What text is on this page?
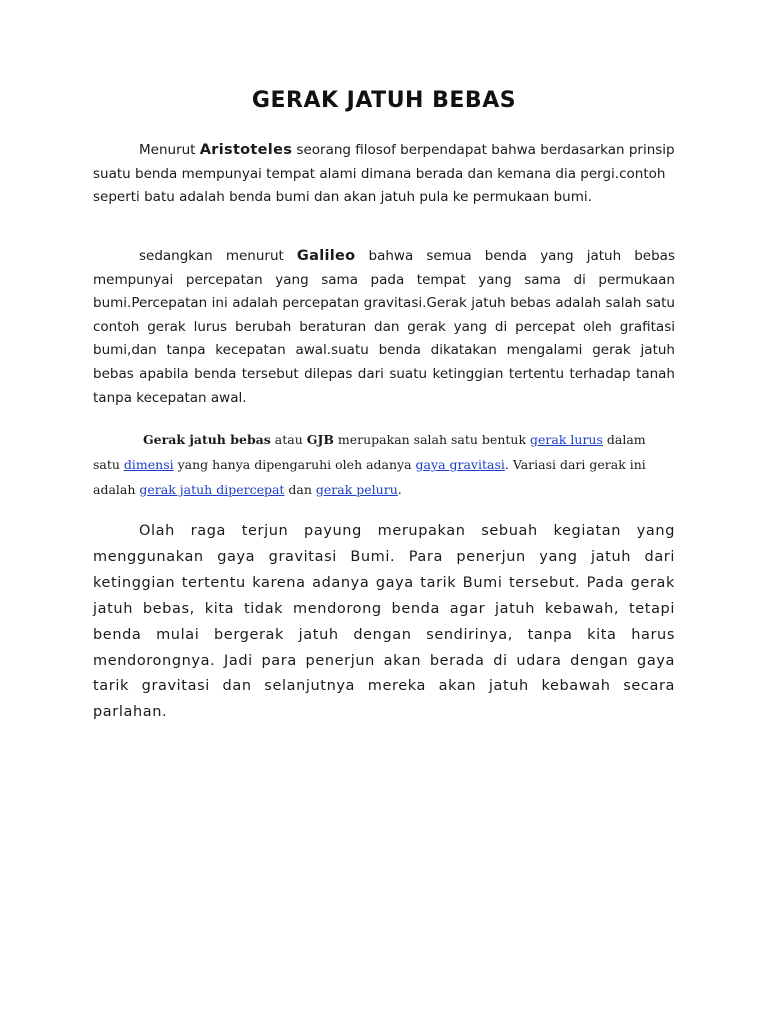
GERAK JATUH BEBAS

Menurut Aristoteles seorang filosof berpendapat bahwa berdasarkan prinsip suatu benda mempunyai tempat alami dimana berada dan kemana dia pergi.contoh seperti batu adalah benda bumi dan akan jatuh pula ke permukaan bumi.

sedangkan menurut Galileo bahwa semua benda yang jatuh bebas mempunyai percepatan yang sama pada tempat yang sama di permukaan bumi.Percepatan ini adalah percepatan gravitasi.Gerak jatuh bebas adalah salah satu contoh gerak lurus berubah beraturan dan gerak yang di percepat oleh grafitasi bumi,dan tanpa kecepatan awal.suatu benda dikatakan mengalami gerak jatuh bebas apabila benda tersebut dilepas dari suatu ketinggian tertentu terhadap tanah tanpa kecepatan awal.

Gerak jatuh bebas atau GJB merupakan salah satu bentuk gerak lurus dalam satu dimensi yang hanya dipengaruhi oleh adanya gaya gravitasi. Variasi dari gerak ini adalah gerak jatuh dipercepat dan gerak peluru.

Olah raga terjun payung merupakan sebuah kegiatan yang menggunakan gaya gravitasi Bumi. Para penerjun yang jatuh dari ketinggian tertentu karena adanya gaya tarik Bumi tersebut. Pada gerak jatuh bebas, kita tidak mendorong benda agar jatuh kebawah, tetapi benda mulai bergerak jatuh dengan sendirinya, tanpa kita harus mendorongnya. Jadi para penerjun akan berada di udara dengan gaya tarik gravitasi dan selanjutnya mereka akan jatuh kebawah secara parlahan.
